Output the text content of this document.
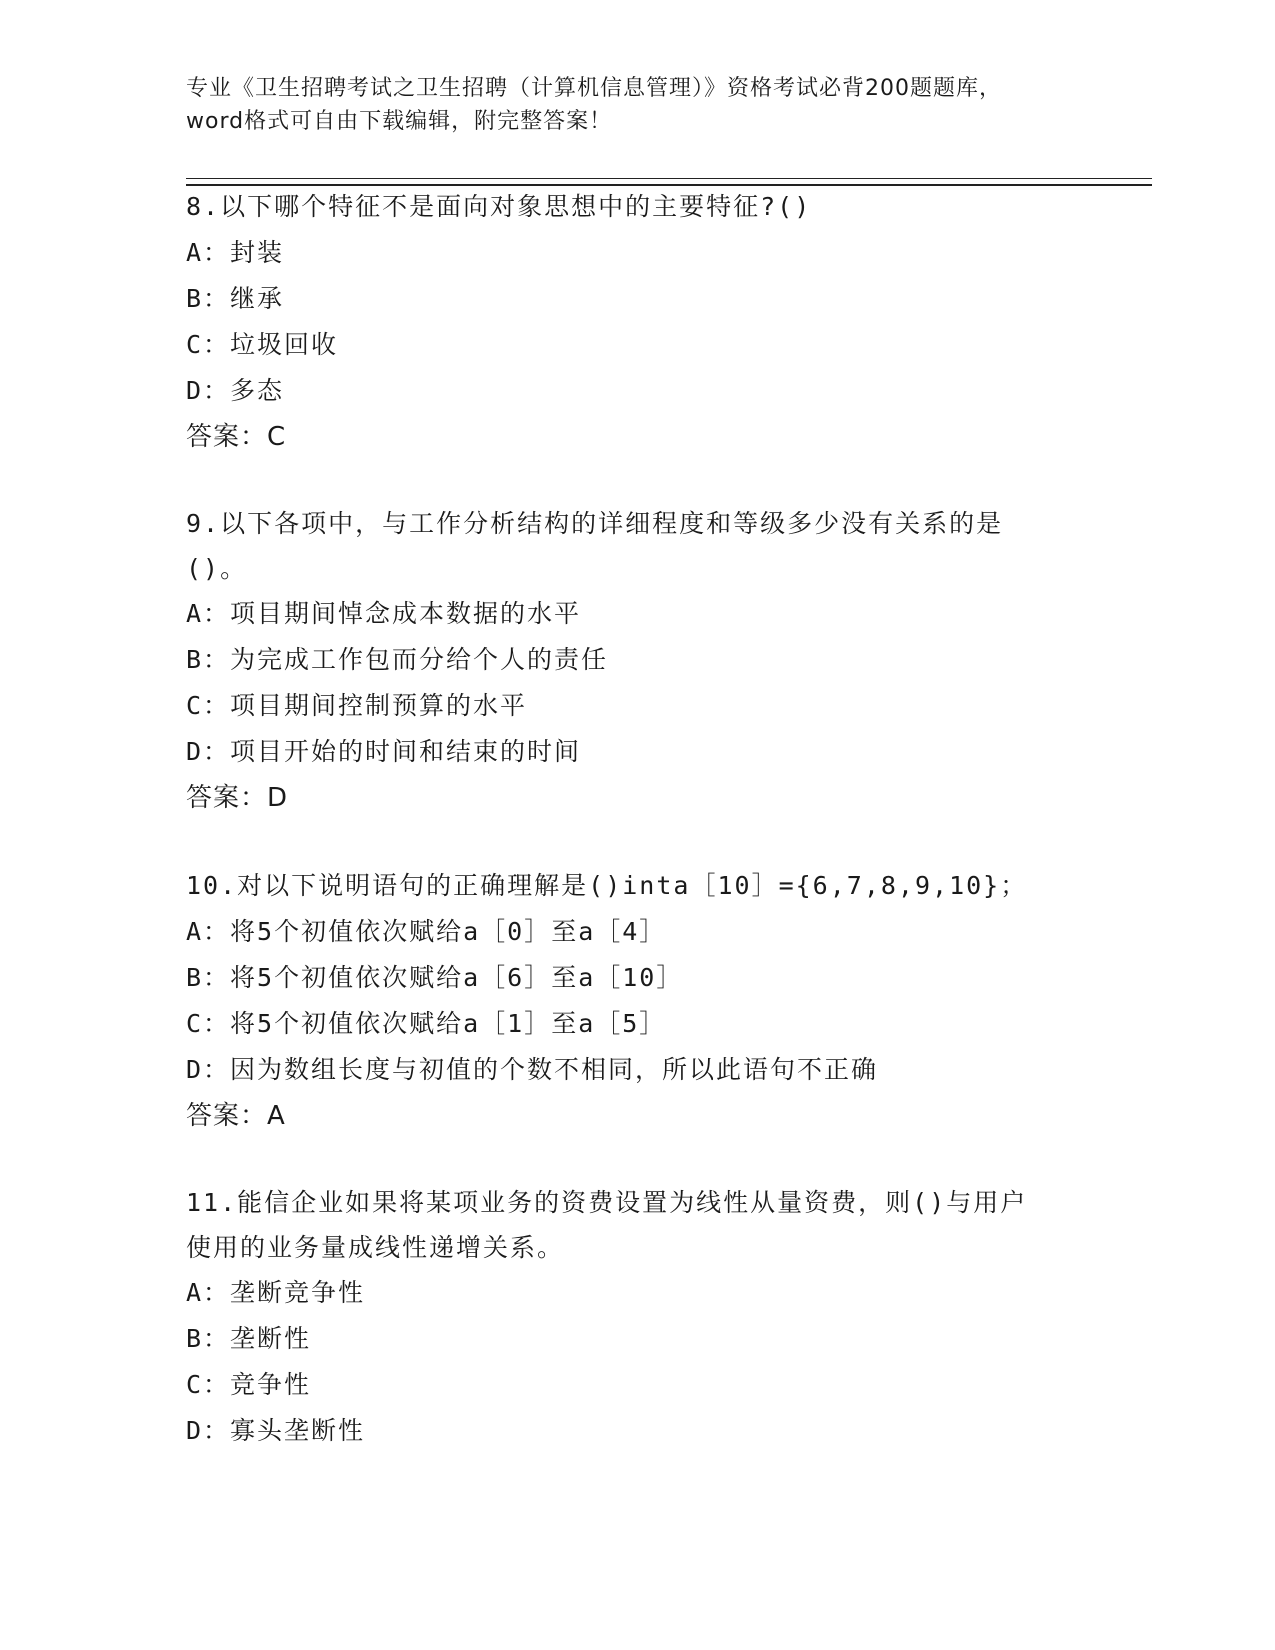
专业《卫生招聘考试之卫生招聘（计算机信息管理）》资格考试必背200题题库，
word格式可自由下载编辑，附完整答案！
8.以下哪个特征不是面向对象思想中的主要特征?()
A：封装
B：继承
C：垃圾回收
D：多态
答案：C
9.以下各项中，与工作分析结构的详细程度和等级多少没有关系的是
()。
A：项目期间悼念成本数据的水平
B：为完成工作包而分给个人的责任
C：项目期间控制预算的水平
D：项目开始的时间和结束的时间
答案：D
10.对以下说明语句的正确理解是()inta［10］={6,7,8,9,10}；
A：将5个初值依次赋给a［0］至a［4］
B：将5个初值依次赋给a［6］至a［10］
C：将5个初值依次赋给a［1］至a［5］
D：因为数组长度与初值的个数不相同，所以此语句不正确
答案：A
11.能信企业如果将某项业务的资费设置为线性从量资费，则()与用户
使用的业务量成线性递增关系。
A：垄断竞争性
B：垄断性
C：竞争性
D：寡头垄断性
